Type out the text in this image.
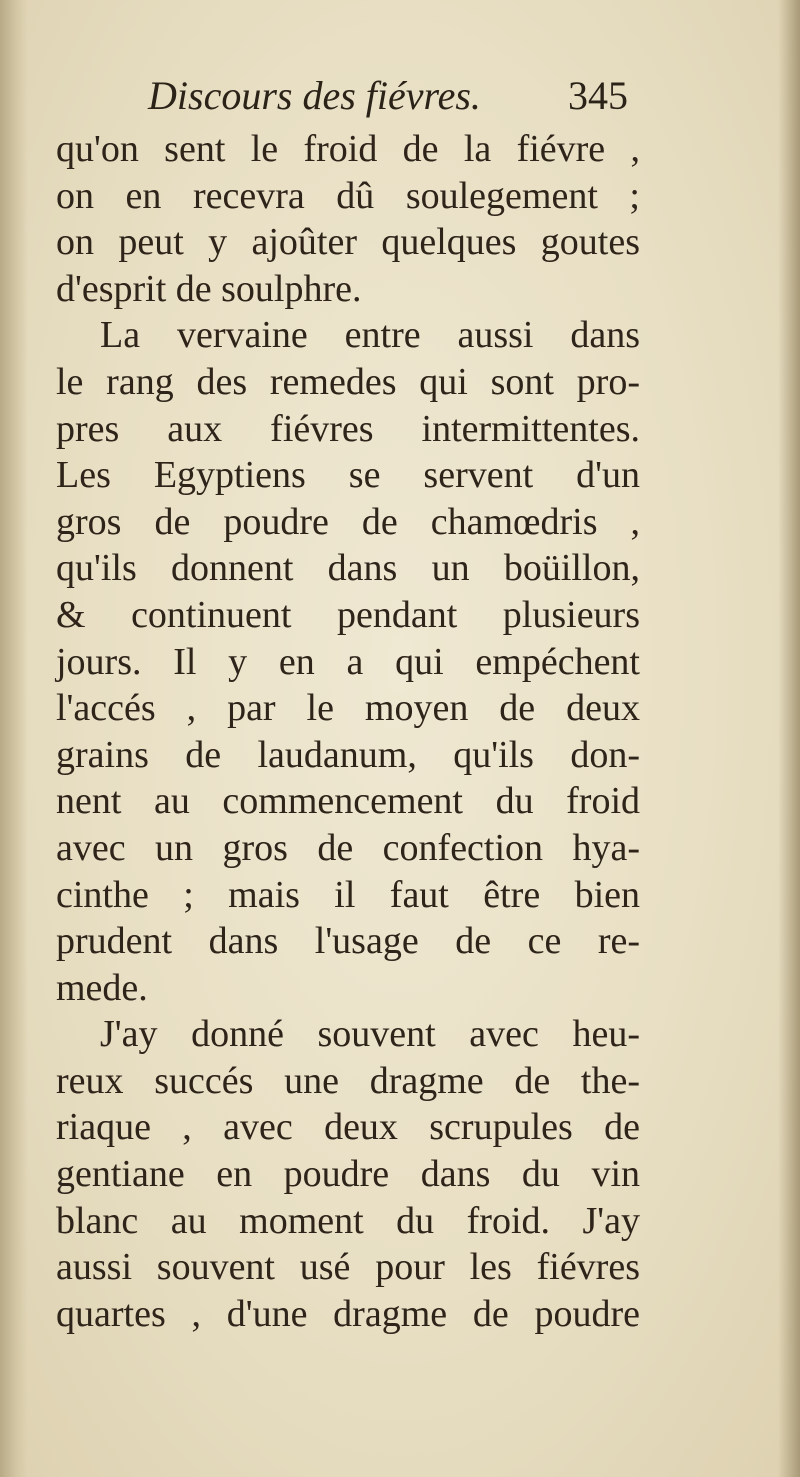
Discours des fiévres. 345
qu'on sent le froid de la fiévre ,
on en recevra dû soulegement ;
on peut y ajoûter quelques goutes
d'esprit de soulphre.
La vervaine entre aussi dans
le rang des remedes qui sont pro-
pres aux fiévres intermittentes.
Les Egyptiens se servent d'un
gros de poudre de chamœdris ,
qu'ils donnent dans un boüillon,
& continuent pendant plusieurs
jours. Il y en a qui empéchent
l'accés , par le moyen de deux
grains de laudanum, qu'ils don-
nent au commencement du froid
avec un gros de confection hya-
cinthe ; mais il faut être bien
prudent dans l'usage de ce re-
mede.
J'ay donné souvent avec heu-
reux succés une dragme de the-
riaque , avec deux scrupules de
gentiane en poudre dans du vin
blanc au moment du froid. J'ay
aussi souvent usé pour les fiévres
quartes , d'une dragme de poudre
